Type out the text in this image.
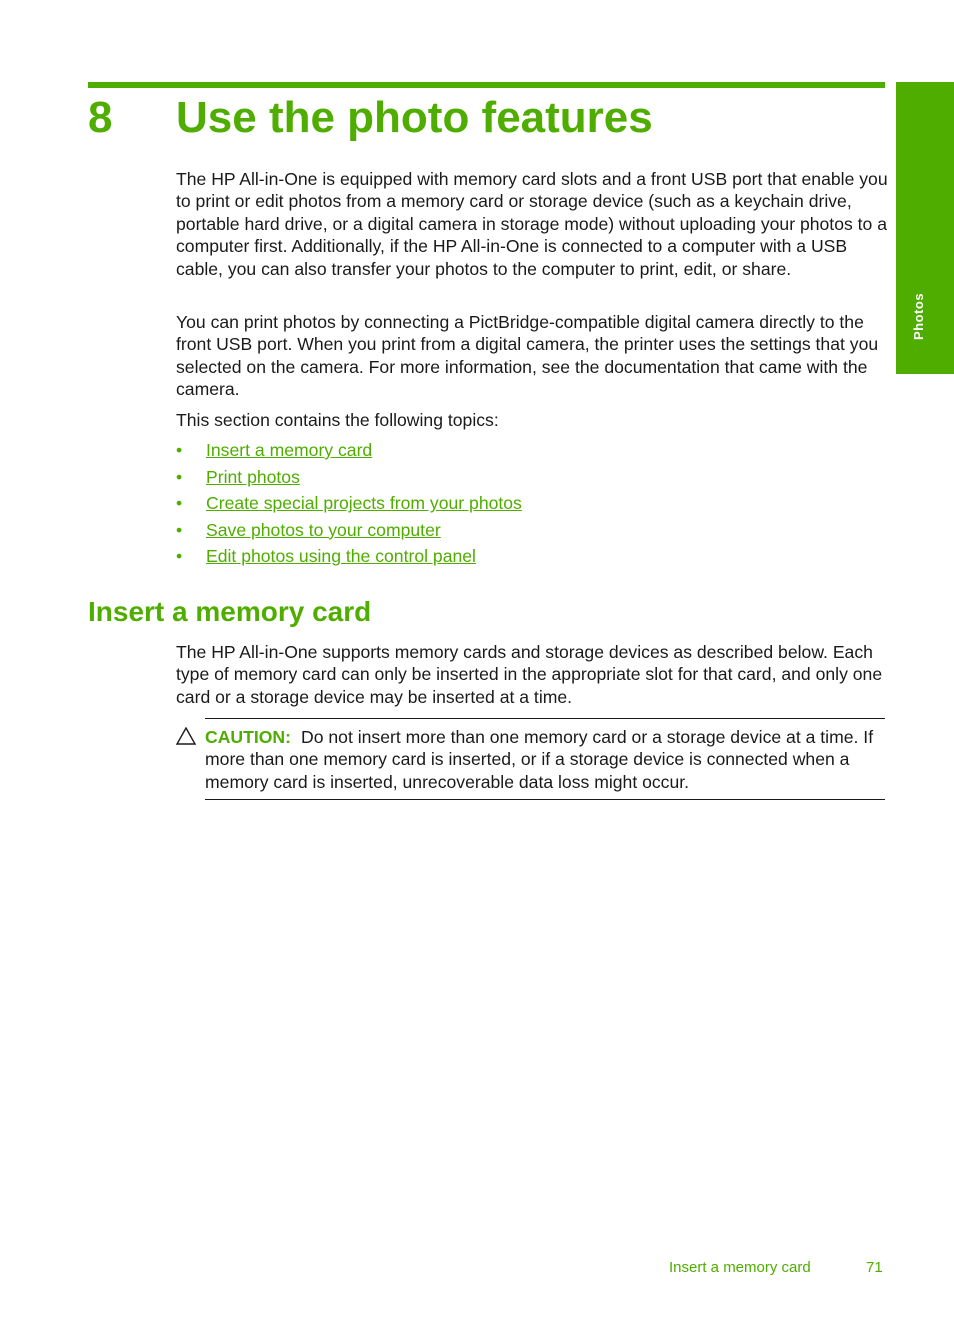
Photos
8 Use the photo features
The HP All-in-One is equipped with memory card slots and a front USB port that enable you to print or edit photos from a memory card or storage device (such as a keychain drive, portable hard drive, or a digital camera in storage mode) without uploading your photos to a computer first. Additionally, if the HP All-in-One is connected to a computer with a USB cable, you can also transfer your photos to the computer to print, edit, or share.
You can print photos by connecting a PictBridge-compatible digital camera directly to the front USB port. When you print from a digital camera, the printer uses the settings that you selected on the camera. For more information, see the documentation that came with the camera.
This section contains the following topics:
• Insert a memory card
• Print photos
• Create special projects from your photos
• Save photos to your computer
• Edit photos using the control panel
Insert a memory card
The HP All-in-One supports memory cards and storage devices as described below. Each type of memory card can only be inserted in the appropriate slot for that card, and only one card or a storage device may be inserted at a time.
CAUTION: Do not insert more than one memory card or a storage device at a time. If more than one memory card is inserted, or if a storage device is connected when a memory card is inserted, unrecoverable data loss might occur.
Insert a memory card	71
